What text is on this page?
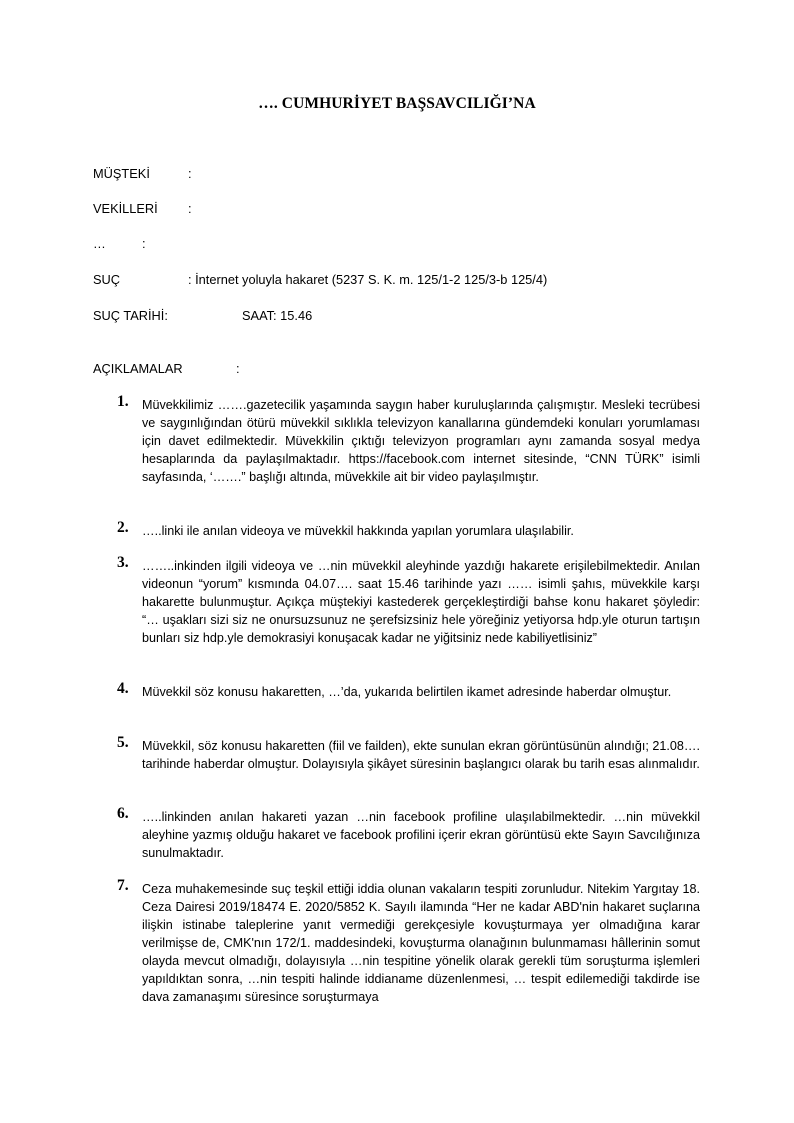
…. CUMHURİYET BAŞSAVCILIĞI’NA
MÜŞTEKİ	:
VEKİLLERİ :
…	:
SUÇ	: İnternet yoluyla hakaret (5237 S. K. m. 125/1-2 125/3-b 125/4)
SUÇ TARİHİ:	SAAT: 15.46
AÇIKLAMALAR	:
1. Müvekkilimiz …….gazetecilik yaşamında saygın haber kuruluşlarında çalışmıştır. Mesleki tecrübesi ve saygınlığından ötürü müvekkil sıklıkla televizyon kanallarına gündemdeki konuları yorumlaması için davet edilmektedir. Müvekkilin çıktığı televizyon programları aynı zamanda sosyal medya hesaplarında da paylaşılmaktadır. https://facebook.com internet sitesinde, “CNN TÜRK” isimli sayfasında, ‘…….” başlığı altında, müvekkile ait bir video paylaşılmıştır.
2. …..linki ile anılan videoya ve müvekkil hakkında yapılan yorumlara ulaşılabilir.
3. ……..inkinden ilgili videoya ve …nin müvekkil aleyhinde yazdığı hakarete erişilebilmektedir. Anılan videonun “yorum” kısmında 04.07…. saat 15.46 tarihinde yazı …… isimli şahıs, müvekkile karşı hakarette bulunmuştur. Açıkça müştekiyi kastederek gerçekleştirdiği bahse konu hakaret şöyledir: “… uşakları sizi siz ne onursuzsunuz ne şerefsizsiniz hele yöreğiniz yetiyorsa hdp.yle oturun tartışın bunları siz hdp.yle demokrasiyi konuşacak kadar ne yiğitsiniz nede kabiliyetlisiniz”
4. Müvekkil söz konusu hakaretten, …’da, yukarıda belirtilen ikamet adresinde haberdar olmuştur.
5. Müvekkil, söz konusu hakaretten (fiil ve failden), ekte sunulan ekran görüntüsünün alındığı; 21.08…. tarihinde haberdar olmuştur. Dolayısıyla şikâyet süresinin başlangıcı olarak bu tarih esas alınmalıdır.
6. …..linkinden anılan hakareti yazan …nin facebook profiline ulaşılabilmektedir. …nin müvekkil aleyhine yazmış olduğu hakaret ve facebook profilini içerir ekran görüntüsü ekte Sayın Savcılığınıza sunulmaktadır.
7. Ceza muhakemesinde suç teşkil ettiği iddia olunan vakaların tespiti zorunludur. Nitekim Yargıtay 18. Ceza Dairesi 2019/18474 E. 2020/5852 K. Sayılı ilamında “Her ne kadar ABD'nin hakaret suçlarına ilişkin istinabe taleplerine yanıt vermediği gerekçesiyle kovuşturmaya yer olmadığına karar verilmişse de, CMK'nın 172/1. maddesindeki, kovuşturma olanağının bulunmaması hâllerinin somut olayda mevcut olmadığı, dolayısıyla …nin tespitine yönelik olarak gerekli tüm soruşturma işlemleri yapıldıktan sonra, …nin tespiti halinde iddianame düzenlenmesi, … tespit edilemediği takdirde ise dava zamanaşımı süresince soruşturmaya
